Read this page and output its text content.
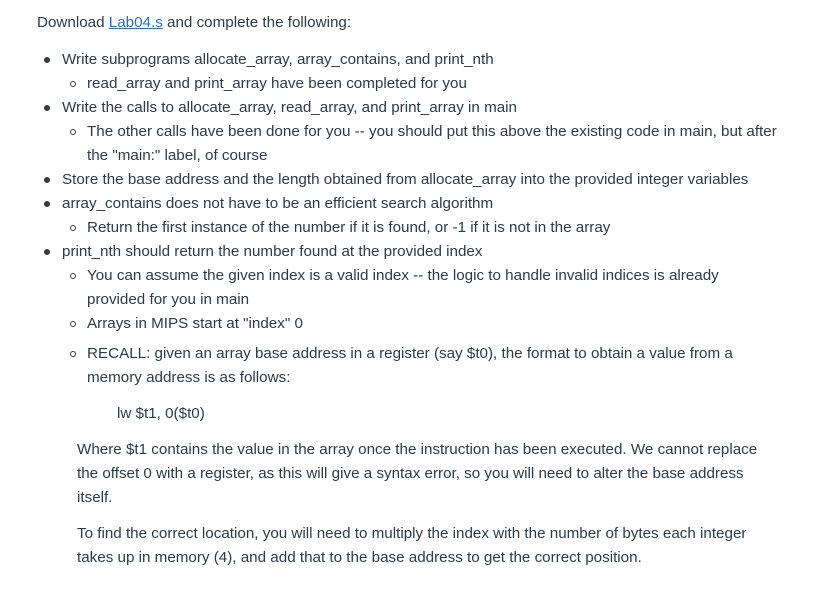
Download Lab04.s and complete the following:

Write subprograms allocate_array, array_contains, and print_nth
read_array and print_array have been completed for you
Write the calls to allocate_array, read_array, and print_array in main
The other calls have been done for you -- you should put this above the existing code in main, but after the "main:" label, of course
Store the base address and the length obtained from allocate_array into the provided integer variables
array_contains does not have to be an efficient search algorithm
Return the first instance of the number if it is found, or -1 if it is not in the array
print_nth should return the number found at the provided index
You can assume the given index is a valid index -- the logic to handle invalid indices is already provided for you in main
Arrays in MIPS start at "index" 0
RECALL: given an array base address in a register (say $t0), the format to obtain a value from a memory address is as follows:
lw $t1, 0($t0)

Where $t1 contains the value in the array once the instruction has been executed. We cannot replace the offset 0 with a register, as this will give a syntax error, so you will need to alter the base address itself.

To find the correct location, you will need to multiply the index with the number of bytes each integer takes up in memory (4), and add that to the base address to get the correct position.
